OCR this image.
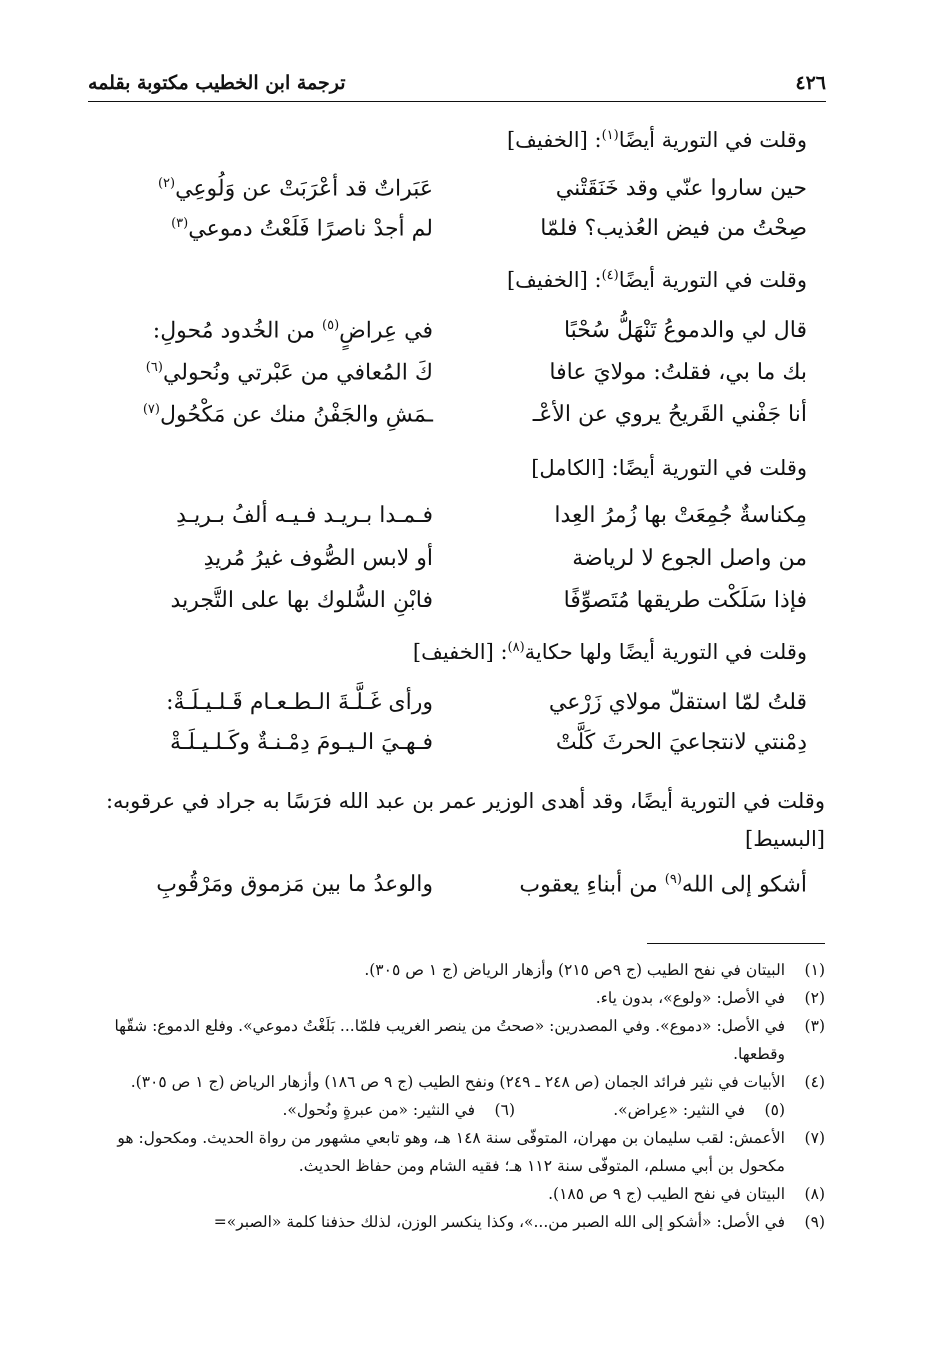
ترجمة ابن الخطيب مكتوبة بقلمه	٤٢٦
وقلت في التورية أيضًا$^{(١)}$: [الخفيف]
حين ساروا عنّي وقد خَنَقَتْني
عَبَراتٌ قد أعْرَبَتْ عن وَلُوعِي$^{(٢)}$
صِحْتُ من فيض العُذيب؟ فلمّا
لم أجدْ ناصرًا فَلَعْتُ دموعي$^{(٣)}$
وقلت في التورية أيضًا$^{(٤)}$: [الخفيف]
قال لي والدموعُ تَنْهَلُّ سُحْبًا
في عِراضٍ$^{(٥)}$ من الخُدود مُحولِ:
بك ما بي، فقلتُ: مولايَ عافا
كَ المُعافي من عَبْرتي ونُحولي$^{(٦)}$
أنا جَفْني القَريحُ يروي عن الأعْـ
ـمَشِ والجَفْنُ منك عن مَكْحُول$^{(٧)}$
وقلت في التورية أيضًا: [الكامل]
مِكناسةٌ جُمِعَتْ بها زُمرُ العِدا
فـمـدا بـريـد فـيـه ألفُ بـريـدِ
من واصل الجوع لا لرياضة
أو لابس الصُّوف غيرُ مُريدِ
فإذا سَلَكْت طريقها مُتَصوِّفًا
فابْنِ السُّلوك بها على التَّجريد
وقلت في التورية أيضًا ولها حكاية$^{(٨)}$: [الخفيف]
قلتُ لمّا استقلّ مولاي زَرْعي
ورأى غَـلَّـةَ الـطـعـام قَـلـيـلَـةْ:
دِمْنتي لانتجاعيَ الحرثَ كَلَّتْ
فـهـيَ الـيـومَ دِمْـنـةٌ وكَـلـيـلَـةْ
وقلت في التورية أيضًا، وقد أهدى الوزير عمر بن عبد الله فرَسًا به جراد في عرقوبه: [البسيط]
أشكو إلى الله$^{(٩)}$ من أبناءِ يعقوب
والوعدُ ما بين مَزموق ومَرْقُوبِ
(١)
البيتان في نفح الطيب (ج ٩ص ٢١٥) وأزهار الرياض (ج ١ ص ٣٠٥).
(٢)
في الأصل: «ولوع»، بدون ياء.
(٣)
في الأصل: «دموع». وفي المصدرين: «صحتُ من ينصر الغريب فلمّا... بَلَغْتُ دموعي». وفلع الدموع: شقّها وقطعها.
(٤)
الأبيات في نثير فرائد الجمان (ص ٢٤٨ ـ ٢٤٩) ونفح الطيب (ج ٩ ص ١٨٦) وأزهار الرياض (ج ١ ص ٣٠٥).
(٥)
في النثير: «عِراض».
(٦)
في النثير: «من عبرةٍ ونُحول».
(٧)
الأعمش: لقب سليمان بن مهران، المتوفّى سنة ١٤٨ هـ، وهو تابعي مشهور من رواة الحديث. ومكحول: هو مكحول بن أبي مسلم، المتوفّى سنة ١١٢ هـ؛ فقيه الشام ومن حفاظ الحديث.
(٨)
البيتان في نفح الطيب (ج ٩ ص ١٨٥).
(٩)
في الأصل: «أشكو إلى الله الصبر من...»، وكذا ينكسر الوزن، لذلك حذفنا كلمة «الصبر»=
